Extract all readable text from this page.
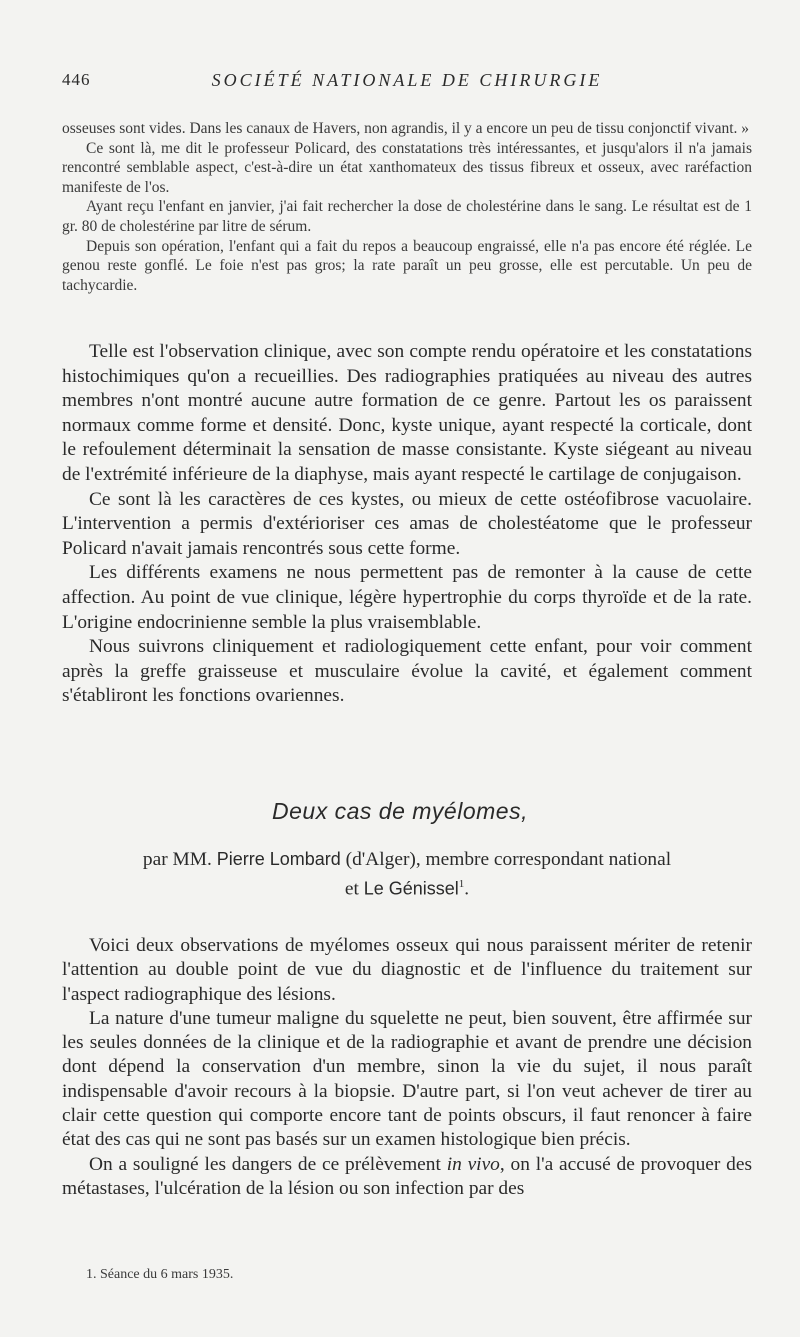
446	SOCIÉTÉ NATIONALE DE CHIRURGIE

osseuses sont vides. Dans les canaux de Havers, non agrandis, il y a encore un peu de tissu conjonctif vivant. »

Ce sont là, me dit le professeur Policard, des constatations très intéressantes, et jusqu'alors il n'a jamais rencontré semblable aspect, c'est-à-dire un état xanthomateux des tissus fibreux et osseux, avec raréfaction manifeste de l'os.

Ayant reçu l'enfant en janvier, j'ai fait rechercher la dose de cholestérine dans le sang. Le résultat est de 1 gr. 80 de cholestérine par litre de sérum.

Depuis son opération, l'enfant qui a fait du repos a beaucoup engraissé, elle n'a pas encore été réglée. Le genou reste gonflé. Le foie n'est pas gros; la rate paraît un peu grosse, elle est percutable. Un peu de tachycardie.

Telle est l'observation clinique, avec son compte rendu opératoire et les constatations histochimiques qu'on a recueillies. Des radiographies pratiquées au niveau des autres membres n'ont montré aucune autre formation de ce genre. Partout les os paraissent normaux comme forme et densité. Donc, kyste unique, ayant respecté la corticale, dont le refoulement déterminait la sensation de masse consistante. Kyste siégeant au niveau de l'extrémité inférieure de la diaphyse, mais ayant respecté le cartilage de conjugaison.

Ce sont là les caractères de ces kystes, ou mieux de cette ostéofibrose vacuolaire. L'intervention a permis d'extérioriser ces amas de cholestéatome que le professeur Policard n'avait jamais rencontrés sous cette forme.

Les différents examens ne nous permettent pas de remonter à la cause de cette affection. Au point de vue clinique, légère hypertrophie du corps thyroïde et de la rate. L'origine endocrinienne semble la plus vraisemblable.

Nous suivrons cliniquement et radiologiquement cette enfant, pour voir comment après la greffe graisseuse et musculaire évolue la cavité, et également comment s'établiront les fonctions ovariennes.

Deux cas de myélomes,
par MM. Pierre Lombard (d'Alger), membre correspondant national
et Le Génissel$^1$.

Voici deux observations de myélomes osseux qui nous paraissent mériter de retenir l'attention au double point de vue du diagnostic et de l'influence du traitement sur l'aspect radiographique des lésions.

La nature d'une tumeur maligne du squelette ne peut, bien souvent, être affirmée sur les seules données de la clinique et de la radiographie et avant de prendre une décision dont dépend la conservation d'un membre, sinon la vie du sujet, il nous paraît indispensable d'avoir recours à la biopsie. D'autre part, si l'on veut achever de tirer au clair cette question qui comporte encore tant de points obscurs, il faut renoncer à faire état des cas qui ne sont pas basés sur un examen histologique bien précis.

On a souligné les dangers de ce prélèvement in vivo, on l'a accusé de provoquer des métastases, l'ulcération de la lésion ou son infection par des

1. Séance du 6 mars 1935.
